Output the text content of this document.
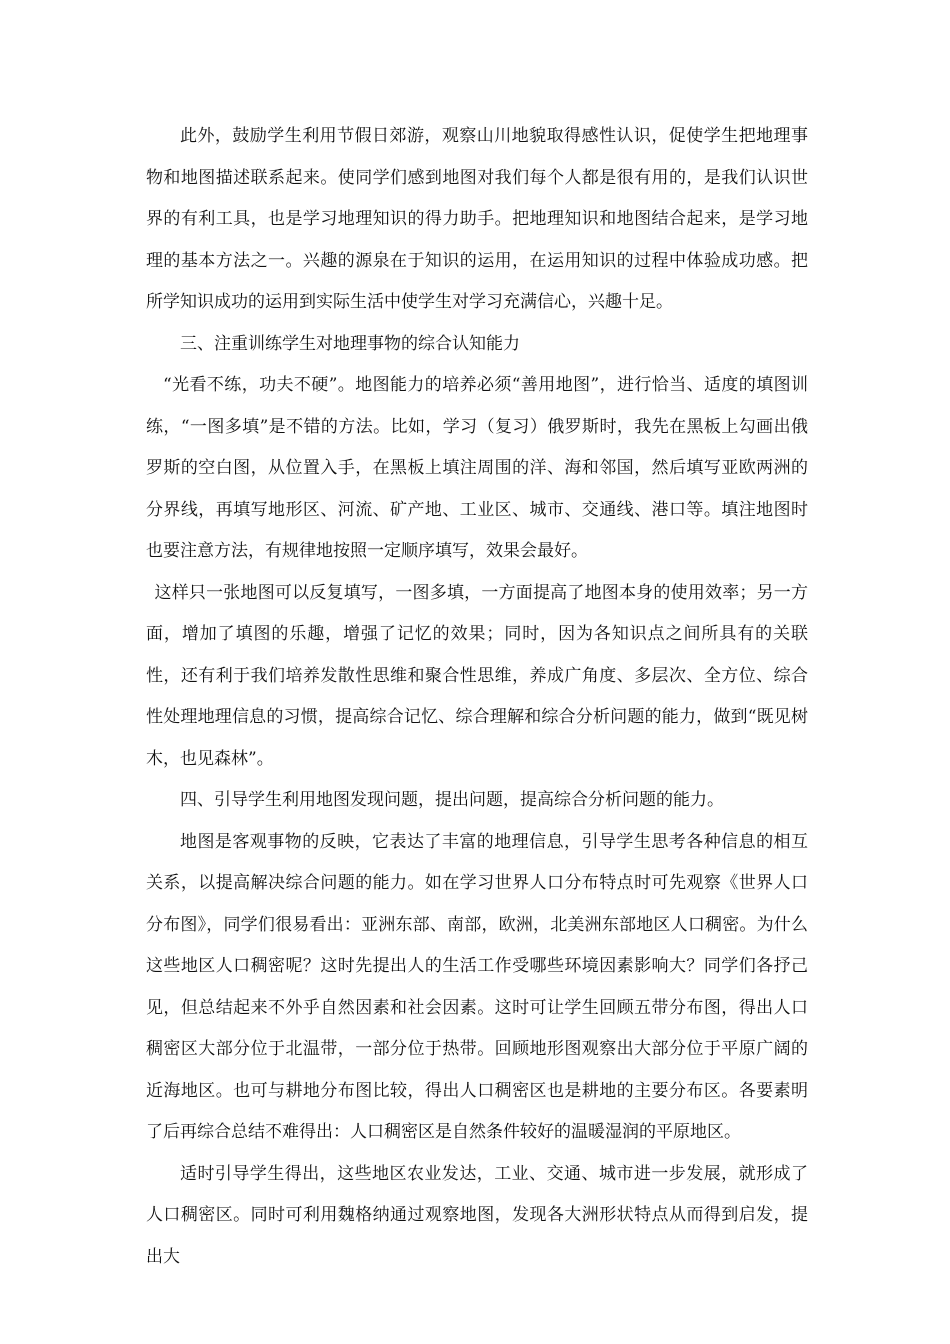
此外，鼓励学生利用节假日郊游，观察山川地貌取得感性认识，促使学生把地理事物和地图描述联系起来。使同学们感到地图对我们每个人都是很有用的，是我们认识世界的有利工具，也是学习地理知识的得力助手。把地理知识和地图结合起来，是学习地理的基本方法之一。兴趣的源泉在于知识的运用，在运用知识的过程中体验成功感。把所学知识成功的运用到实际生活中使学生对学习充满信心，兴趣十足。

三、注重训练学生对地理事物的综合认知能力

“光看不练，功夫不硬”。地图能力的培养必须“善用地图”，进行恰当、适度的填图训练，“一图多填”是不错的方法。比如，学习（复习）俄罗斯时，我先在黑板上勾画出俄罗斯的空白图，从位置入手，在黑板上填注周围的洋、海和邻国，然后填写亚欧两洲的分界线，再填写地形区、河流、矿产地、工业区、城市、交通线、港口等。填注地图时也要注意方法，有规律地按照一定顺序填写，效果会最好。

这样只一张地图可以反复填写，一图多填，一方面提高了地图本身的使用效率；另一方面，增加了填图的乐趣，增强了记忆的效果；同时，因为各知识点之间所具有的关联性，还有利于我们培养发散性思维和聚合性思维，养成广角度、多层次、全方位、综合性处理地理信息的习惯，提高综合记忆、综合理解和综合分析问题的能力，做到“既见树木，也见森林”。

四、引导学生利用地图发现问题，提出问题，提高综合分析问题的能力。

地图是客观事物的反映，它表达了丰富的地理信息，引导学生思考各种信息的相互关系，以提高解决综合问题的能力。如在学习世界人口分布特点时可先观察《世界人口分布图》，同学们很易看出：亚洲东部、南部，欧洲，北美洲东部地区人口稠密。为什么这些地区人口稠密呢？这时先提出人的生活工作受哪些环境因素影响大？同学们各抒己见，但总结起来不外乎自然因素和社会因素。这时可让学生回顾五带分布图，得出人口稠密区大部分位于北温带，一部分位于热带。回顾地形图观察出大部分位于平原广阔的近海地区。也可与耕地分布图比较，得出人口稠密区也是耕地的主要分布区。各要素明了后再综合总结不难得出：人口稠密区是自然条件较好的温暖湿润的平原地区。

适时引导学生得出，这些地区农业发达，工业、交通、城市进一步发展，就形成了人口稠密区。同时可利用魏格纳通过观察地图，发现各大洲形状特点从而得到启发，提出大
